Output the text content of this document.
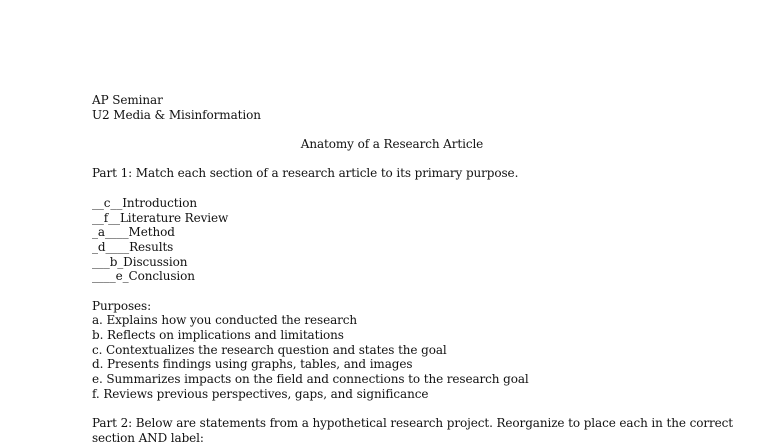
AP Seminar
U2 Media & Misinformation
Anatomy of a Research Article
Part 1: Match each section of a research article to its primary purpose.
__c__Introduction
__f__Literature Review
_a____Method
_d____Results
___b_Discussion
____e_Conclusion
Purposes:
a. Explains how you conducted the research
b. Reflects on implications and limitations
c. Contextualizes the research question and states the goal
d. Presents findings using graphs, tables, and images
e. Summarizes impacts on the field and connections to the research goal
f. Reviews previous perspectives, gaps, and significance
Part 2: Below are statements from a hypothetical research project. Reorganize to place each in the correct
section AND label:
